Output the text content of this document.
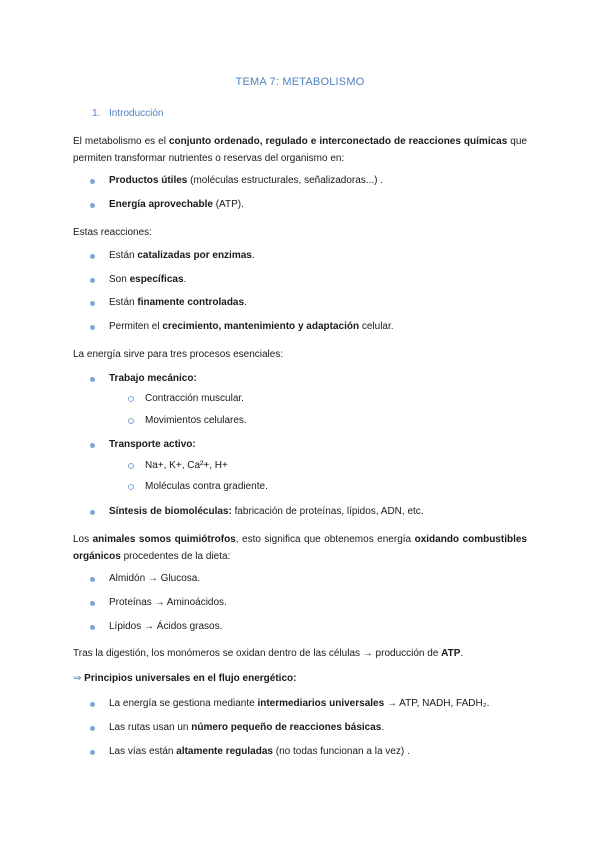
TEMA 7: METABOLISMO
1. Introducción
El metabolismo es el conjunto ordenado, regulado e interconectado de reacciones químicas que permiten transformar nutrientes o reservas del organismo en:
Productos útiles (moléculas estructurales, señalizadoras...) .
Energía aprovechable (ATP).
Estas reacciones:
Están catalizadas por enzimas.
Son específicas.
Están finamente controladas.
Permiten el crecimiento, mantenimiento y adaptación celular.
La energía sirve para tres procesos esenciales:
Trabajo mecánico:
Contracción muscular.
Movimientos celulares.
Transporte activo:
Na+, K+, Ca²+, H+
Moléculas contra gradiente.
Síntesis de biomoléculas: fabricación de proteínas, lípidos, ADN, etc.
Los animales somos quimiótrofos, esto significa que obtenemos energía oxidando combustibles orgánicos procedentes de la dieta:
Almidón → Glucosa.
Proteínas → Aminoácidos.
Lípidos → Ácidos grasos.
Tras la digestión, los monómeros se oxidan dentro de las células → producción de ATP.
⇒ Principios universales en el flujo energético:
La energía se gestiona mediante intermediarios universales → ATP, NADH, FADH₂.
Las rutas usan un número pequeño de reacciones básicas.
Las vías están altamente reguladas (no todas funcionan a la vez) .
